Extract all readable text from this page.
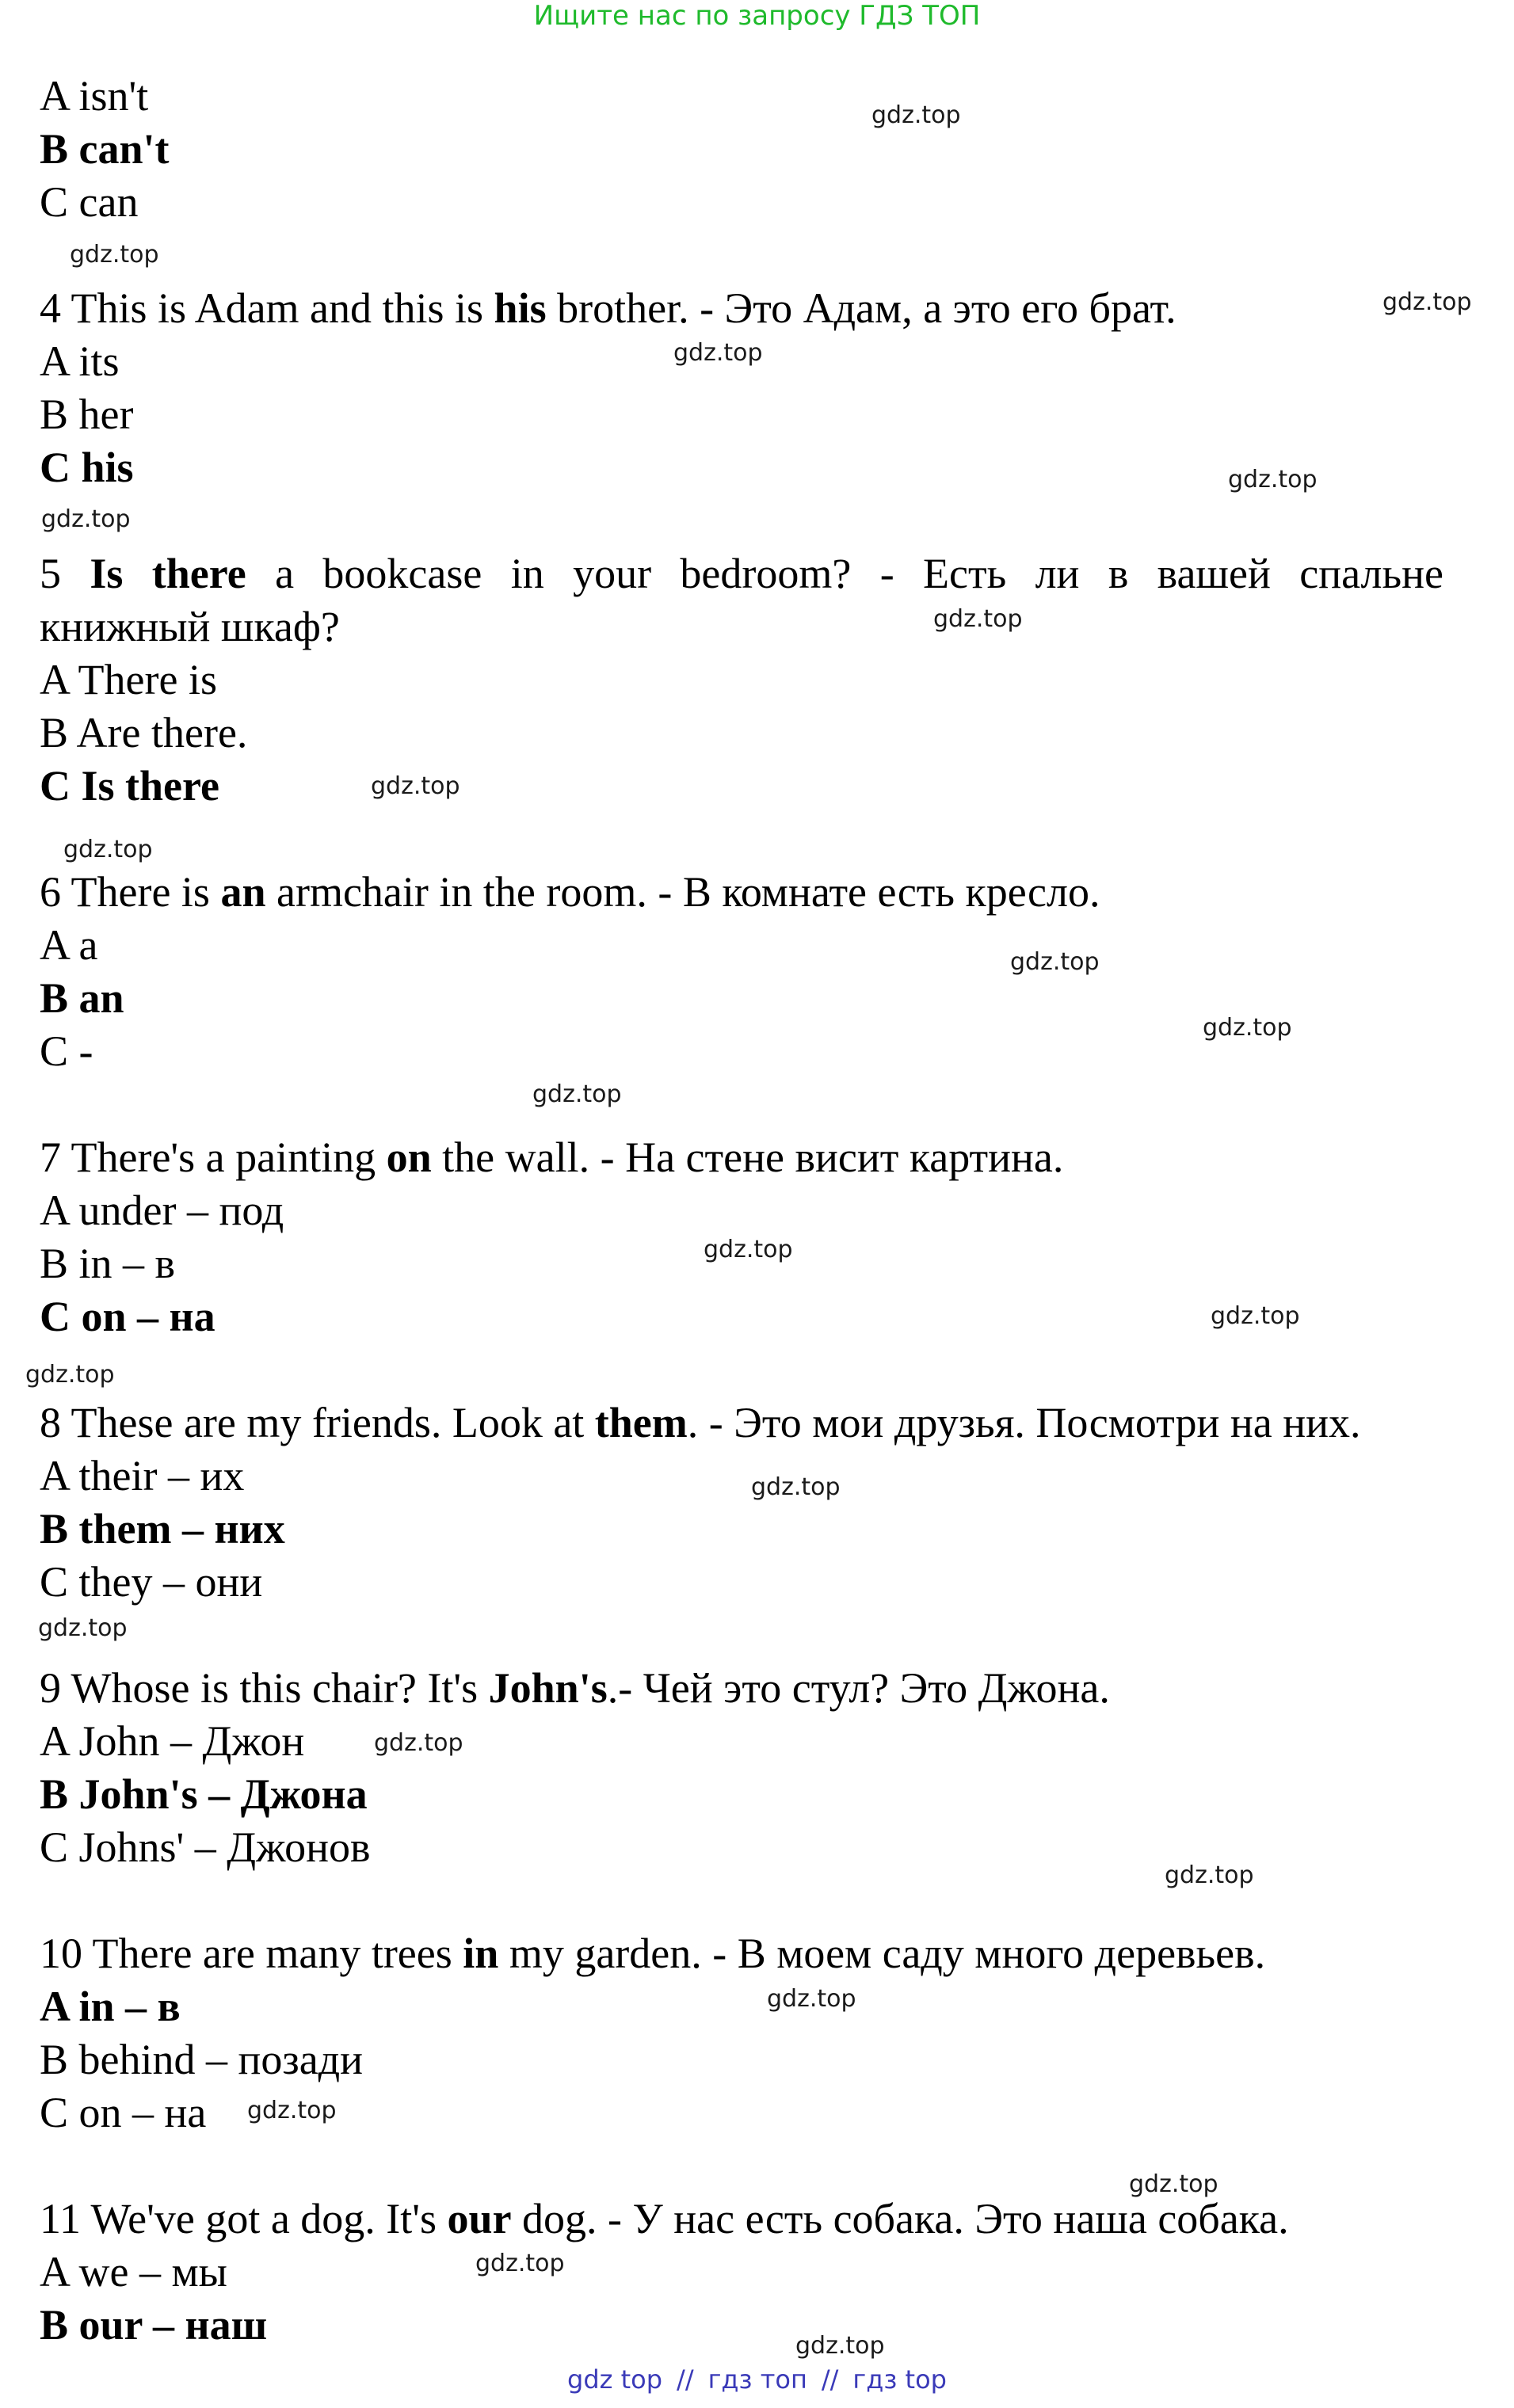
Ищите нас по запросу ГДЗ ТОП
A isn't
B can't
C can
4 This is Adam and this is his brother. - Это Адам, а это его брат.
A its
B her
C his
5 Is there a bookcase in your bedroom? - Есть ли в вашей спальне
книжный шкаф?
A There is
B Are there.
C Is there
6 There is an armchair in the room. - В комнате есть кресло.
A a
B an
C -
7 There's a painting on the wall. - На стене висит картина.
A under – под
B in – в
C on – на
8 These are my friends. Look at them. - Это мои друзья. Посмотри на них.
A their – их
B them – них
C they – они
9 Whose is this chair? It's John's.- Чей это стул? Это Джона.
A John – Джон
B John's – Джона
C Johns' – Джонов
10 There are many trees in my garden. - В моем саду много деревьев.
A in – в
B behind – позади
C on – на
11 We've got a dog. It's our dog. - У нас есть собака. Это наша собака.
A we – мы
B our – наш
gdz.top
gdz.top
gdz.top
gdz.top
gdz.top
gdz.top
gdz.top
gdz.top
gdz.top
gdz.top
gdz.top
gdz.top
gdz.top
gdz.top
gdz.top
gdz.top
gdz.top
gdz.top
gdz.top
gdz.top
gdz.top
gdz.top
gdz.top
gdz.top
gdz top // гдз топ // гдз top
